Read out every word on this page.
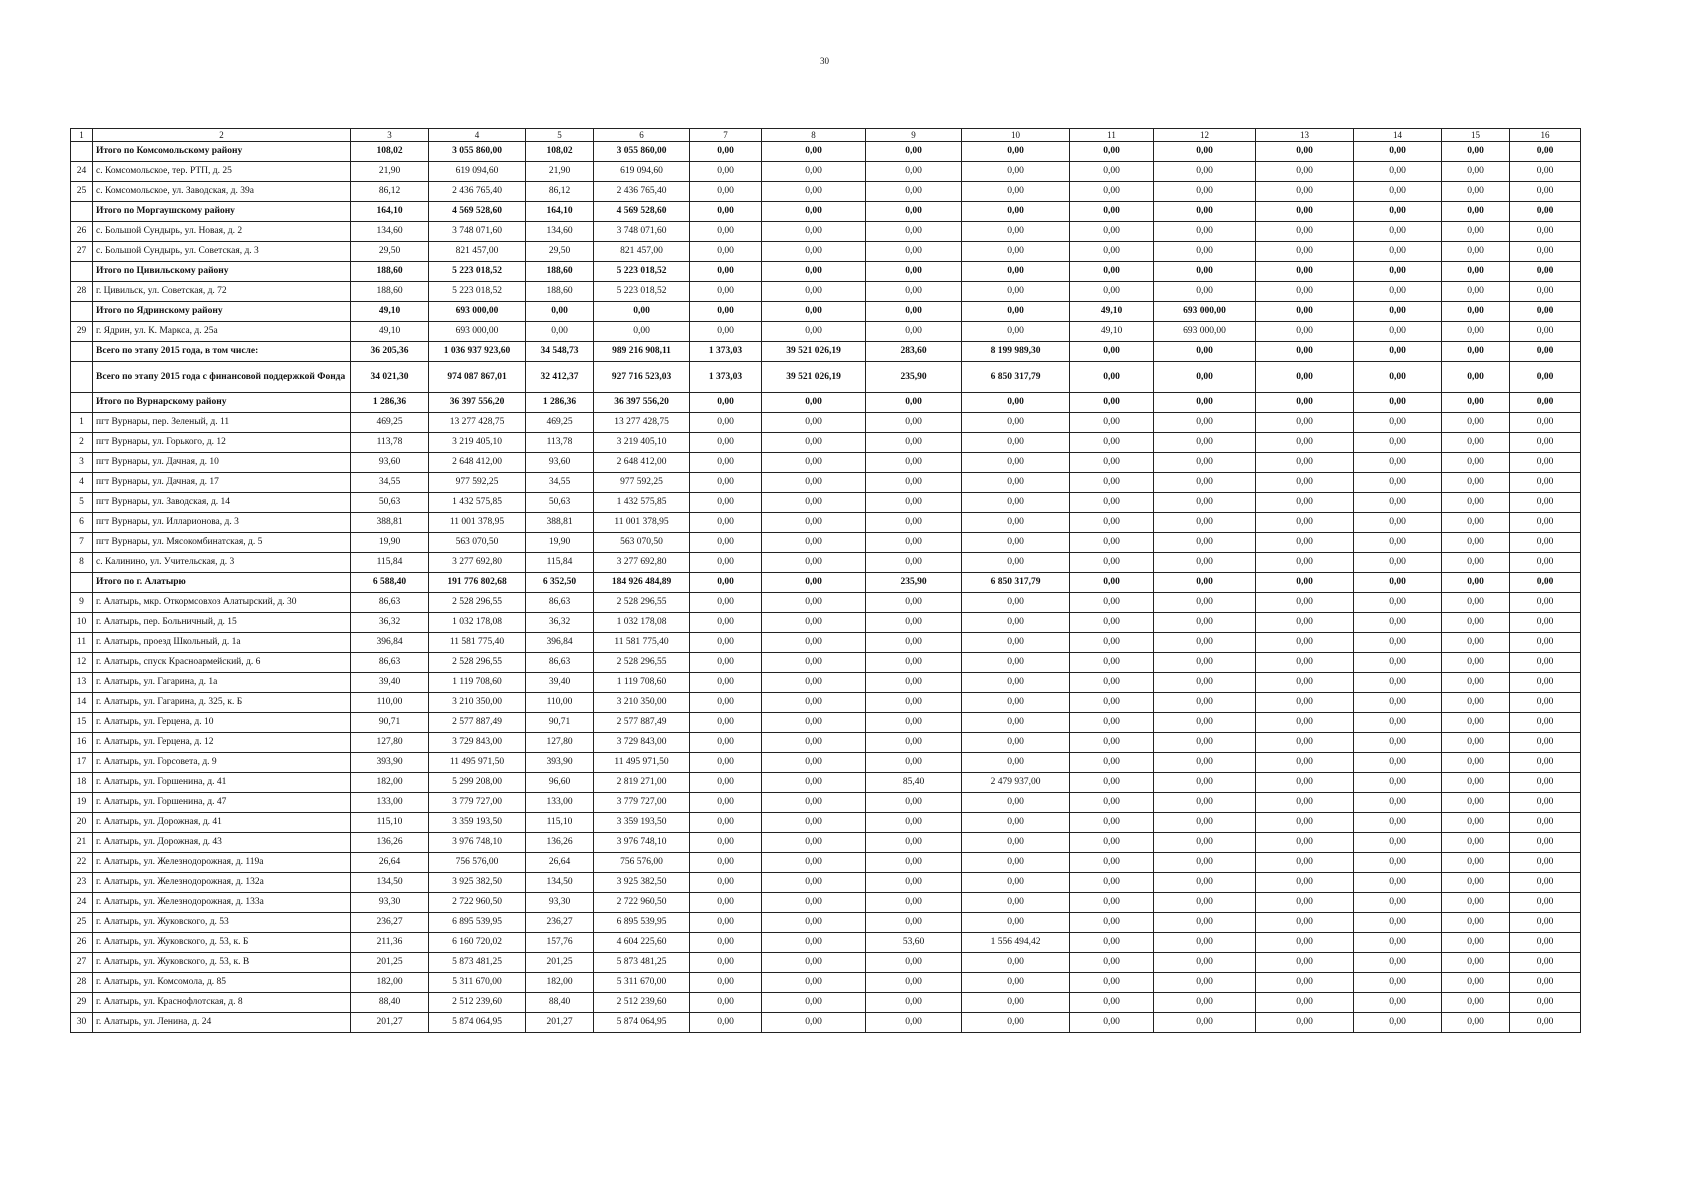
30
1	2	3	4	5	6	7	8	9	10	11	12	13	14	15	16
	Итого по Комсомольскому району	108,02	3 055 860,00	108,02	3 055 860,00	0,00	0,00	0,00	0,00	0,00	0,00	0,00	0,00	0,00	0,00
24	с. Комсомольское, тер. РТП, д. 25	21,90	619 094,60	21,90	619 094,60	0,00	0,00	0,00	0,00	0,00	0,00	0,00	0,00	0,00	0,00
25	с. Комсомольское, ул. Заводская, д. 39а	86,12	2 436 765,40	86,12	2 436 765,40	0,00	0,00	0,00	0,00	0,00	0,00	0,00	0,00	0,00	0,00
	Итого по Моргаушскому району	164,10	4 569 528,60	164,10	4 569 528,60	0,00	0,00	0,00	0,00	0,00	0,00	0,00	0,00	0,00	0,00
26	с. Большой Сундырь, ул. Новая, д. 2	134,60	3 748 071,60	134,60	3 748 071,60	0,00	0,00	0,00	0,00	0,00	0,00	0,00	0,00	0,00	0,00
27	с. Большой Сундырь, ул. Советская, д. 3	29,50	821 457,00	29,50	821 457,00	0,00	0,00	0,00	0,00	0,00	0,00	0,00	0,00	0,00	0,00
	Итого по Цивильскому району	188,60	5 223 018,52	188,60	5 223 018,52	0,00	0,00	0,00	0,00	0,00	0,00	0,00	0,00	0,00	0,00
28	г. Цивильск, ул. Советская, д. 72	188,60	5 223 018,52	188,60	5 223 018,52	0,00	0,00	0,00	0,00	0,00	0,00	0,00	0,00	0,00	0,00
	Итого по Ядринскому району	49,10	693 000,00	0,00	0,00	0,00	0,00	0,00	0,00	49,10	693 000,00	0,00	0,00	0,00	0,00
29	г. Ядрин, ул. К. Маркса, д. 25а	49,10	693 000,00	0,00	0,00	0,00	0,00	0,00	0,00	49,10	693 000,00	0,00	0,00	0,00	0,00
	Всего по этапу 2015 года, в том числе:	36 205,36	1 036 937 923,60	34 548,73	989 216 908,11	1 373,03	39 521 026,19	283,60	8 199 989,30	0,00	0,00	0,00	0,00	0,00	0,00
	Всего по этапу 2015 года с финансовой поддержкой Фонда	34 021,30	974 087 867,01	32 412,37	927 716 523,03	1 373,03	39 521 026,19	235,90	6 850 317,79	0,00	0,00	0,00	0,00	0,00	0,00
	Итого по Вурнарскому району	1 286,36	36 397 556,20	1 286,36	36 397 556,20	0,00	0,00	0,00	0,00	0,00	0,00	0,00	0,00	0,00	0,00
1	пгт Вурнары, пер. Зеленый, д. 11	469,25	13 277 428,75	469,25	13 277 428,75	0,00	0,00	0,00	0,00	0,00	0,00	0,00	0,00	0,00	0,00
2	пгт Вурнары, ул. Горького, д. 12	113,78	3 219 405,10	113,78	3 219 405,10	0,00	0,00	0,00	0,00	0,00	0,00	0,00	0,00	0,00	0,00
3	пгт Вурнары, ул. Дачная, д. 10	93,60	2 648 412,00	93,60	2 648 412,00	0,00	0,00	0,00	0,00	0,00	0,00	0,00	0,00	0,00	0,00
4	пгт Вурнары, ул. Дачная, д. 17	34,55	977 592,25	34,55	977 592,25	0,00	0,00	0,00	0,00	0,00	0,00	0,00	0,00	0,00	0,00
5	пгт Вурнары, ул. Заводская, д. 14	50,63	1 432 575,85	50,63	1 432 575,85	0,00	0,00	0,00	0,00	0,00	0,00	0,00	0,00	0,00	0,00
6	пгт Вурнары, ул. Илларионова, д. 3	388,81	11 001 378,95	388,81	11 001 378,95	0,00	0,00	0,00	0,00	0,00	0,00	0,00	0,00	0,00	0,00
7	пгт Вурнары, ул. Мясокомбинатская, д. 5	19,90	563 070,50	19,90	563 070,50	0,00	0,00	0,00	0,00	0,00	0,00	0,00	0,00	0,00	0,00
8	с. Калинино, ул. Учительская, д. 3	115,84	3 277 692,80	115,84	3 277 692,80	0,00	0,00	0,00	0,00	0,00	0,00	0,00	0,00	0,00	0,00
	Итого по г. Алатырю	6 588,40	191 776 802,68	6 352,50	184 926 484,89	0,00	0,00	235,90	6 850 317,79	0,00	0,00	0,00	0,00	0,00	0,00
9	г. Алатырь, мкр. Откормсовхоз Алатырский, д. 30	86,63	2 528 296,55	86,63	2 528 296,55	0,00	0,00	0,00	0,00	0,00	0,00	0,00	0,00	0,00	0,00
10	г. Алатырь, пер. Больничный, д. 15	36,32	1 032 178,08	36,32	1 032 178,08	0,00	0,00	0,00	0,00	0,00	0,00	0,00	0,00	0,00	0,00
11	г. Алатырь, проезд Школьный, д. 1а	396,84	11 581 775,40	396,84	11 581 775,40	0,00	0,00	0,00	0,00	0,00	0,00	0,00	0,00	0,00	0,00
12	г. Алатырь, спуск Красноармейский, д. 6	86,63	2 528 296,55	86,63	2 528 296,55	0,00	0,00	0,00	0,00	0,00	0,00	0,00	0,00	0,00	0,00
13	г. Алатырь, ул. Гагарина, д. 1а	39,40	1 119 708,60	39,40	1 119 708,60	0,00	0,00	0,00	0,00	0,00	0,00	0,00	0,00	0,00	0,00
14	г. Алатырь, ул. Гагарина, д. 325, к. Б	110,00	3 210 350,00	110,00	3 210 350,00	0,00	0,00	0,00	0,00	0,00	0,00	0,00	0,00	0,00	0,00
15	г. Алатырь, ул. Герцена, д. 10	90,71	2 577 887,49	90,71	2 577 887,49	0,00	0,00	0,00	0,00	0,00	0,00	0,00	0,00	0,00	0,00
16	г. Алатырь, ул. Герцена, д. 12	127,80	3 729 843,00	127,80	3 729 843,00	0,00	0,00	0,00	0,00	0,00	0,00	0,00	0,00	0,00	0,00
17	г. Алатырь, ул. Горсовета, д. 9	393,90	11 495 971,50	393,90	11 495 971,50	0,00	0,00	0,00	0,00	0,00	0,00	0,00	0,00	0,00	0,00
18	г. Алатырь, ул. Горшенина, д. 41	182,00	5 299 208,00	96,60	2 819 271,00	0,00	0,00	85,40	2 479 937,00	0,00	0,00	0,00	0,00	0,00	0,00
19	г. Алатырь, ул. Горшенина, д. 47	133,00	3 779 727,00	133,00	3 779 727,00	0,00	0,00	0,00	0,00	0,00	0,00	0,00	0,00	0,00	0,00
20	г. Алатырь, ул. Дорожная, д. 41	115,10	3 359 193,50	115,10	3 359 193,50	0,00	0,00	0,00	0,00	0,00	0,00	0,00	0,00	0,00	0,00
21	г. Алатырь, ул. Дорожная, д. 43	136,26	3 976 748,10	136,26	3 976 748,10	0,00	0,00	0,00	0,00	0,00	0,00	0,00	0,00	0,00	0,00
22	г. Алатырь, ул. Железнодорожная, д. 119а	26,64	756 576,00	26,64	756 576,00	0,00	0,00	0,00	0,00	0,00	0,00	0,00	0,00	0,00	0,00
23	г. Алатырь, ул. Железнодорожная, д. 132а	134,50	3 925 382,50	134,50	3 925 382,50	0,00	0,00	0,00	0,00	0,00	0,00	0,00	0,00	0,00	0,00
24	г. Алатырь, ул. Железнодорожная, д. 133а	93,30	2 722 960,50	93,30	2 722 960,50	0,00	0,00	0,00	0,00	0,00	0,00	0,00	0,00	0,00	0,00
25	г. Алатырь, ул. Жуковского, д. 53	236,27	6 895 539,95	236,27	6 895 539,95	0,00	0,00	0,00	0,00	0,00	0,00	0,00	0,00	0,00	0,00
26	г. Алатырь, ул. Жуковского, д. 53, к. Б	211,36	6 160 720,02	157,76	4 604 225,60	0,00	0,00	53,60	1 556 494,42	0,00	0,00	0,00	0,00	0,00	0,00
27	г. Алатырь, ул. Жуковского, д. 53, к. В	201,25	5 873 481,25	201,25	5 873 481,25	0,00	0,00	0,00	0,00	0,00	0,00	0,00	0,00	0,00	0,00
28	г. Алатырь, ул. Комсомола, д. 85	182,00	5 311 670,00	182,00	5 311 670,00	0,00	0,00	0,00	0,00	0,00	0,00	0,00	0,00	0,00	0,00
29	г. Алатырь, ул. Краснофлотская, д. 8	88,40	2 512 239,60	88,40	2 512 239,60	0,00	0,00	0,00	0,00	0,00	0,00	0,00	0,00	0,00	0,00
30	г. Алатырь, ул. Ленина, д. 24	201,27	5 874 064,95	201,27	5 874 064,95	0,00	0,00	0,00	0,00	0,00	0,00	0,00	0,00	0,00	0,00
